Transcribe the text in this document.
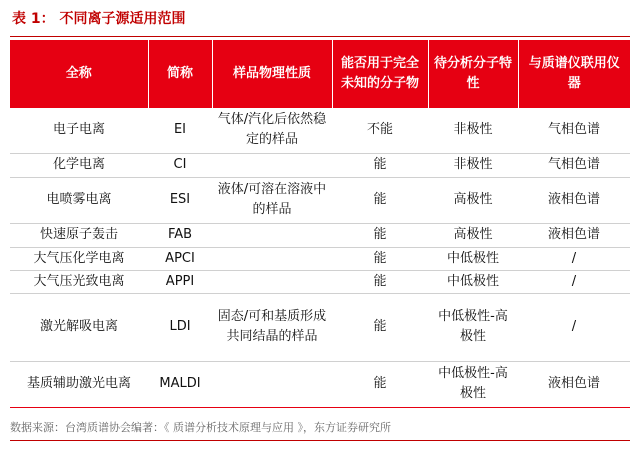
表 1： 不同离子源适用范围
全称	简称	样品物理性质	能否用于完全未知的分子物	待分析分子特性	与质谱仪联用仪器
电子电离	EI	气体/汽化后依然稳定的样品	不能	非极性	气相色谱
化学电离	CI		能	非极性	气相色谱
电喷雾电离	ESI	液体/可溶在溶液中的样品	能	高极性	液相色谱
快速原子轰击	FAB		能	高极性	液相色谱
大气压化学电离	APCI		能	中低极性	/
大气压光致电离	APPI		能	中低极性	/
激光解吸电离	LDI	固态/可和基质形成共同结晶的样品	能	中低极性-高极性	/
基质辅助激光电离	MALDI		能	中低极性-高极性	液相色谱
数据来源：台湾质谱协会编著：《 质谱分析技术原理与应用 》，东方证券研究所
